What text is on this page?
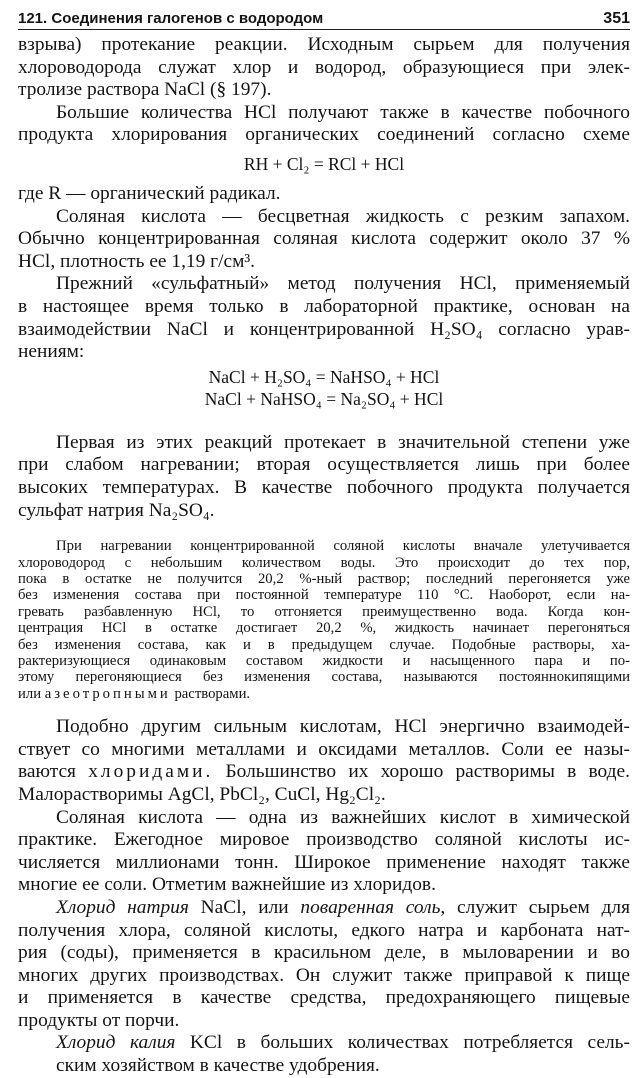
121. Соединения галогенов с водородом	351
взрыва) протекание реакции. Исходным сырьем для получения
хлороводорода служат хлор и водород, образующиеся при элек-
тролизе раствора NaCl (§ 197).
Большие количества HCl получают также в качестве побочного
продукта хлорирования органических соединений согласно схеме
RH + Cl₂ = RCl + HCl
где R — органический радикал.
Соляная кислота — бесцветная жидкость с резким запахом.
Обычно концентрированная соляная кислота содержит около 37 %
HCl, плотность ее 1,19 г/см³.
Прежний «сульфатный» метод получения HCl, применяемый
в настоящее время только в лабораторной практике, основан на
взаимодействии NaCl и концентрированной H₂SO₄ согласно урав-
нениям:
NaCl + H₂SO₄ = NaHSO₄ + HCl
NaCl + NaHSO₄ = Na₂SO₄ + HCl
Первая из этих реакций протекает в значительной степени уже
при слабом нагревании; вторая осуществляется лишь при более
высоких температурах. В качестве побочного продукта получается
сульфат натрия Na₂SO₄.
При нагревании концентрированной соляной кислоты вначале улетучивается
хлороводород с небольшим количеством воды. Это происходит до тех пор,
пока в остатке не получится 20,2 %-ный раствор; последний перегоняется уже
без изменения состава при постоянной температуре 110 °С. Наоборот, если на-
гревать разбавленную HCl, то отгоняется преимущественно вода. Когда кон-
центрация HCl в остатке достигает 20,2 %, жидкость начинает перегоняться
без изменения состава, как и в предыдущем случае. Подобные растворы, ха-
рактеризующиеся одинаковым составом жидкости и насыщенного пара и по-
этому перегоняющиеся без изменения состава, называются постояннокипящими
или азеотропными растворами.
Подобно другим сильным кислотам, HCl энергично взаимодей-
ствует со многими металлами и оксидами металлов. Соли ее назы-
ваются хлоридами. Большинство их хорошо растворимы в воде.
Малорастворимы AgCl, PbCl₂, CuCl, Hg₂Cl₂.
Соляная кислота — одна из важнейших кислот в химической
практике. Ежегодное мировое производство соляной кислоты ис-
числяется миллионами тонн. Широкое применение находят также
многие ее соли. Отметим важнейшие из хлоридов.
Хлорид натрия NaCl, или поваренная соль, служит сырьем для
получения хлора, соляной кислоты, едкого натра и карбоната нат-
рия (соды), применяется в красильном деле, в мыловарении и во
многих других производствах. Он служит также приправой к пище
и применяется в качестве средства, предохраняющего пищевые
продукты от порчи.
Хлорид калия KCl в больших количествах потребляется сель-
ским хозяйством в качестве удобрения.
